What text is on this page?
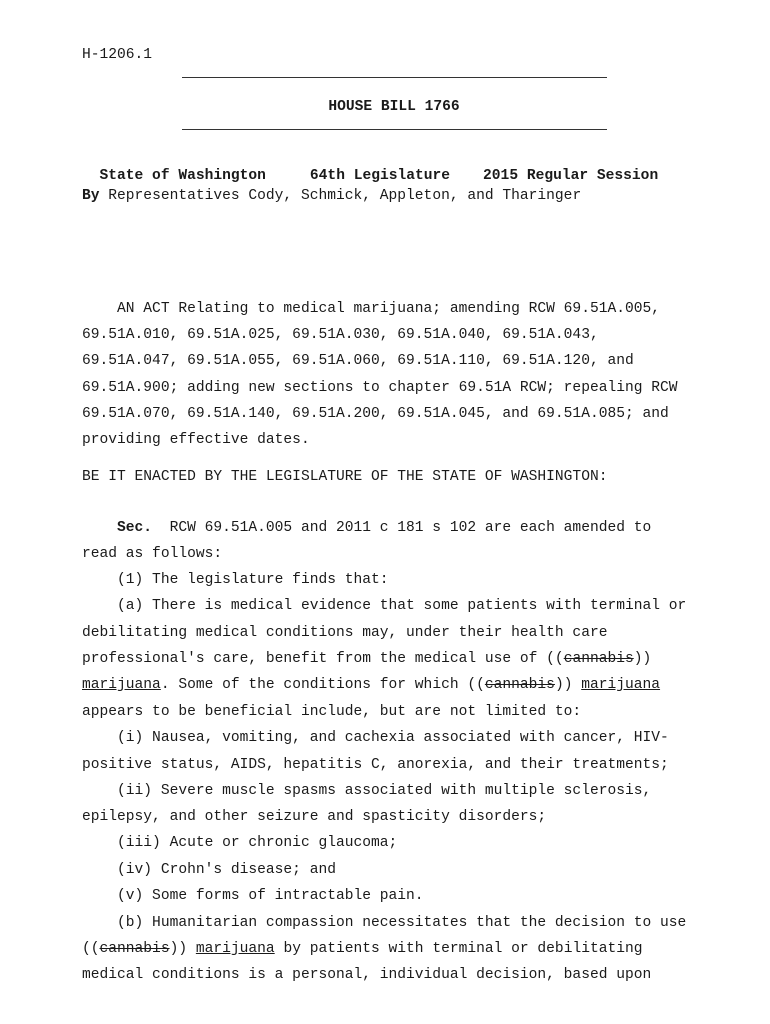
H-1206.1
HOUSE BILL 1766

State of Washington	64th Legislature 2015 Regular Session

By Representatives Cody, Schmick, Appleton, and Tharinger
AN ACT Relating to medical marijuana; amending RCW 69.51A.005,
69.51A.010, 69.51A.025, 69.51A.030, 69.51A.040, 69.51A.043,
69.51A.047, 69.51A.055, 69.51A.060, 69.51A.110, 69.51A.120, and
69.51A.900; adding new sections to chapter 69.51A RCW; repealing RCW
69.51A.070, 69.51A.140, 69.51A.200, 69.51A.045, and 69.51A.085; and
providing effective dates.
BE IT ENACTED BY THE LEGISLATURE OF THE STATE OF WASHINGTON:
Sec.  RCW 69.51A.005 and 2011 c 181 s 102 are each amended to
read as follows:
(1) The legislature finds that:
(a) There is medical evidence that some patients with terminal or
debilitating medical conditions may, under their health care
professional's care, benefit from the medical use of ((cannabis))
marijuana. Some of the conditions for which ((cannabis)) marijuana
appears to be beneficial include, but are not limited to:
(i) Nausea, vomiting, and cachexia associated with cancer, HIV-
positive status, AIDS, hepatitis C, anorexia, and their treatments;
(ii) Severe muscle spasms associated with multiple sclerosis,
epilepsy, and other seizure and spasticity disorders;
(iii) Acute or chronic glaucoma;
(iv) Crohn's disease; and
(v) Some forms of intractable pain.
(b) Humanitarian compassion necessitates that the decision to use
((cannabis)) marijuana by patients with terminal or debilitating
medical conditions is a personal, individual decision, based upon
